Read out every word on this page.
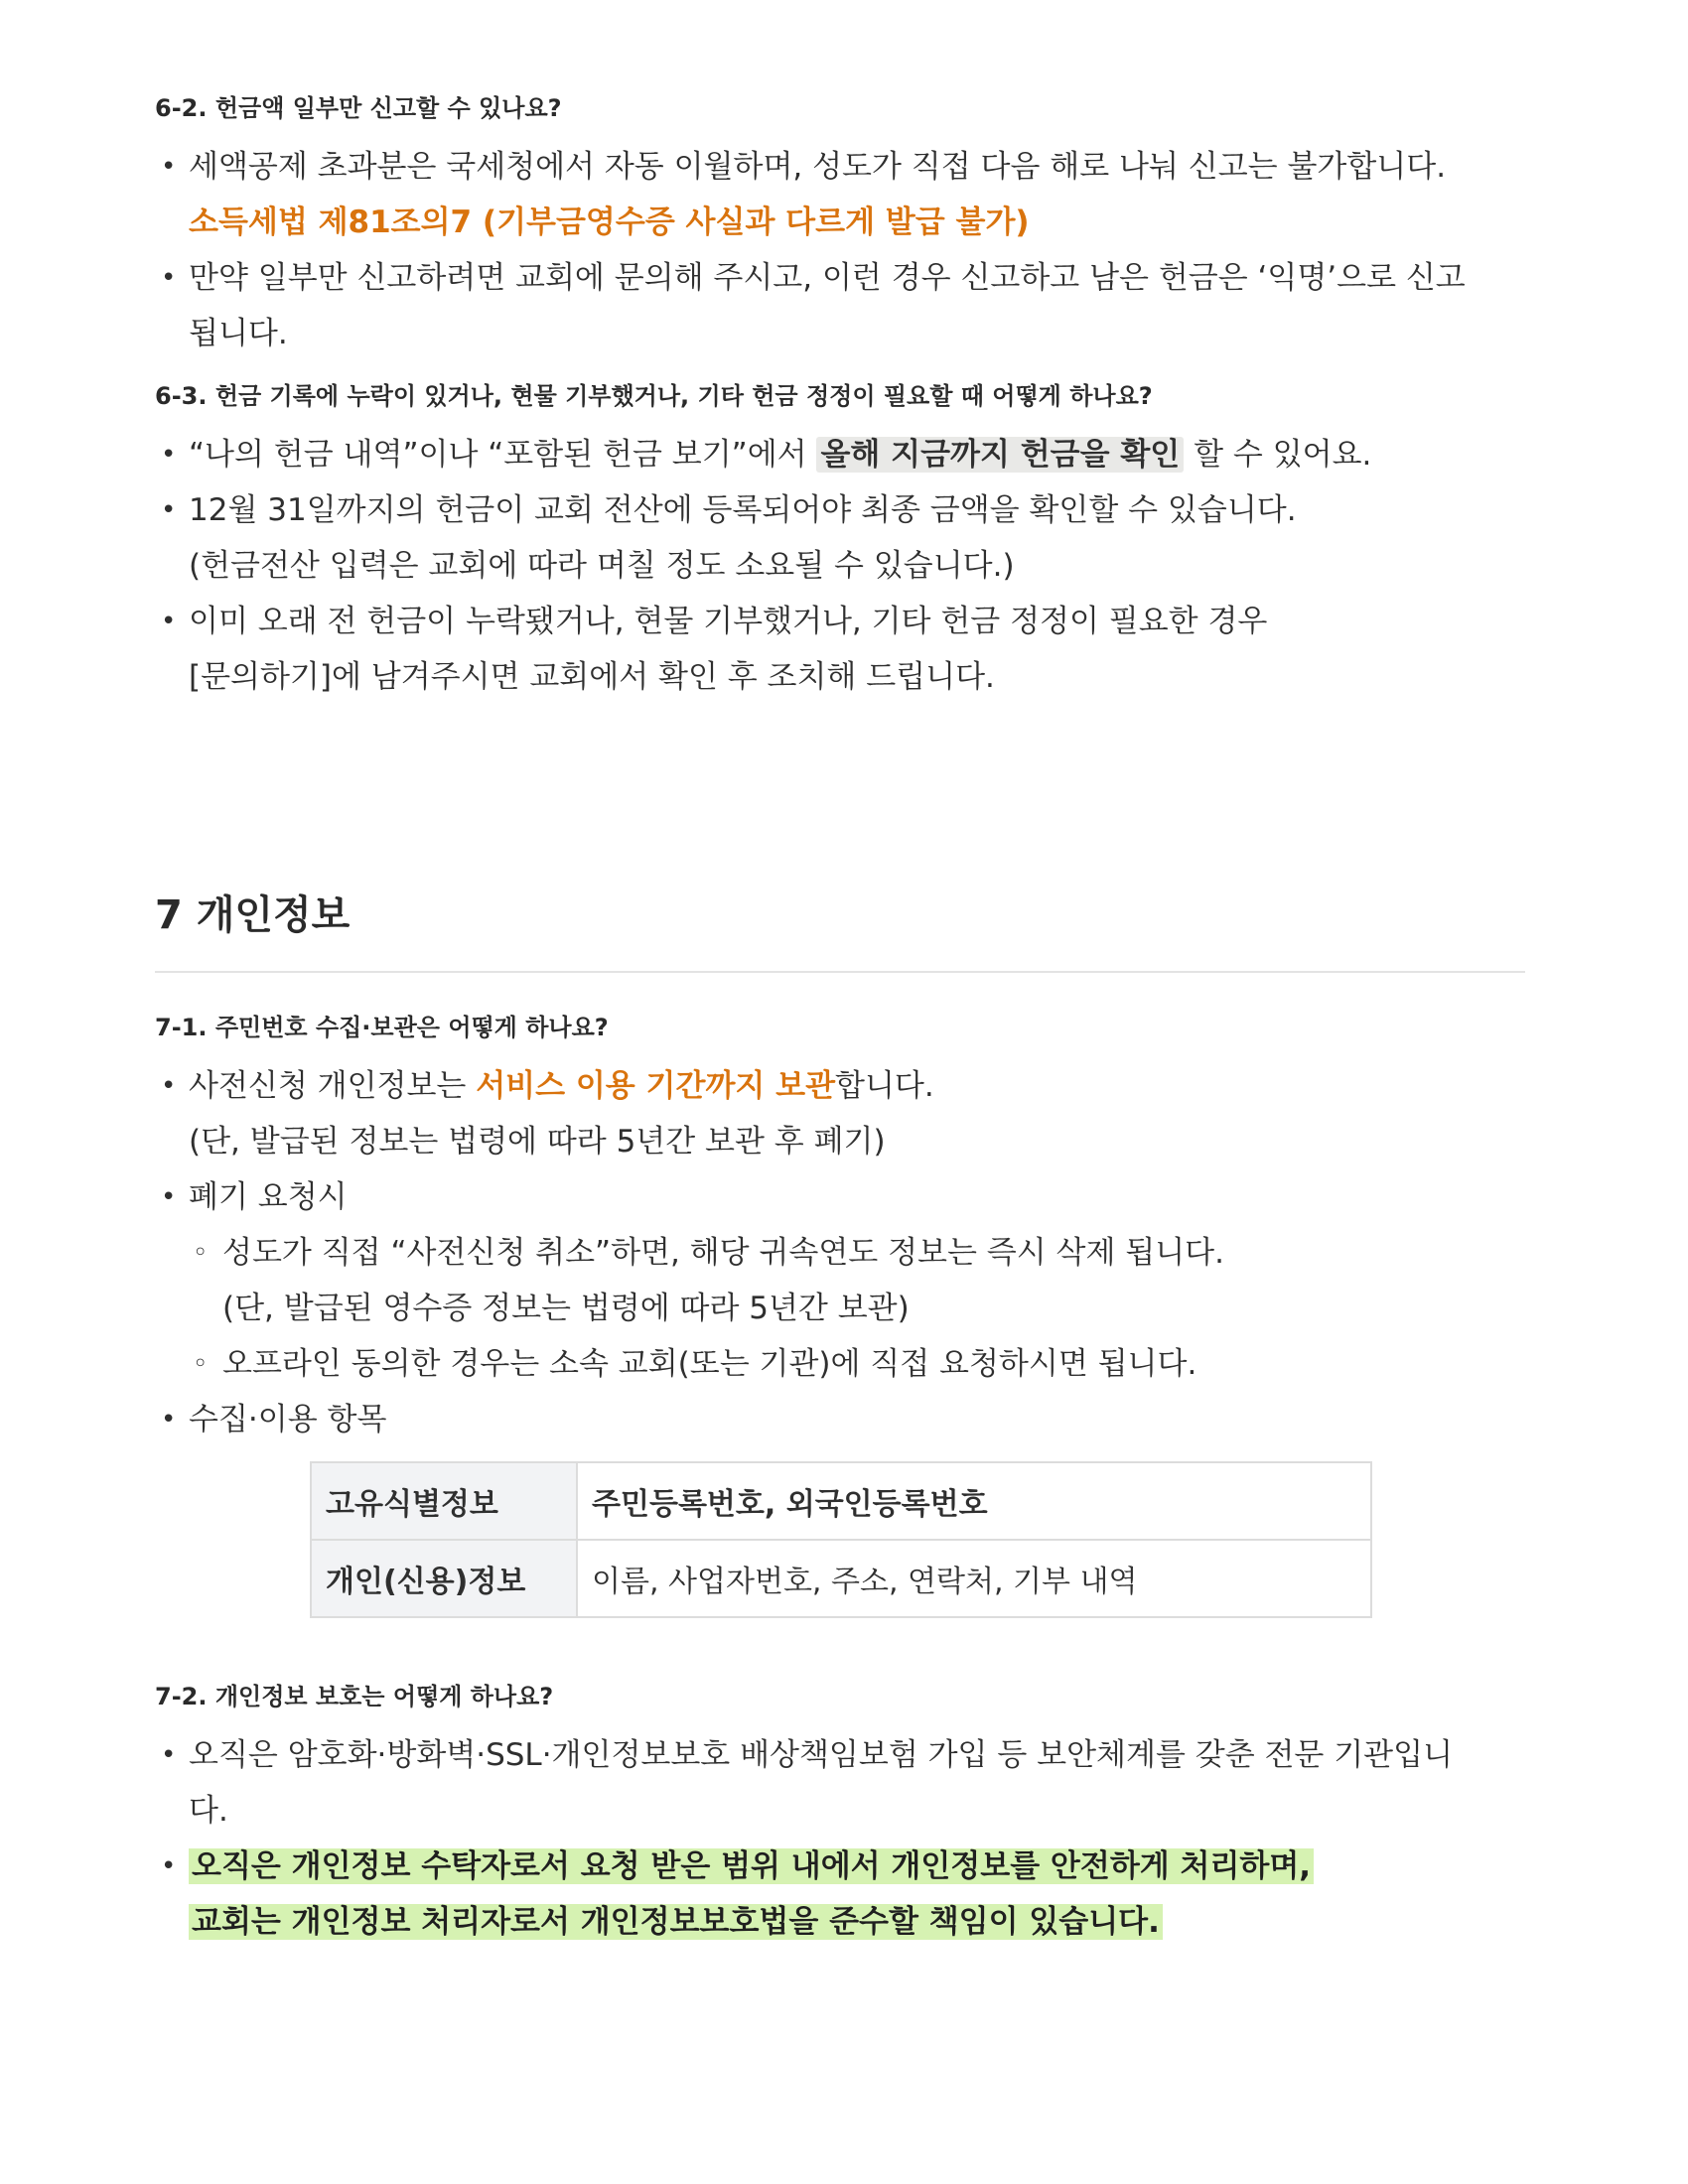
6-2. 헌금액 일부만 신고할 수 있나요?
• 세액공제 초과분은 국세청에서 자동 이월하며, 성도가 직접 다음 해로 나눠 신고는 불가합니다.
소득세법 제81조의7 (기부금영수증 사실과 다르게 발급 불가)
• 만약 일부만 신고하려면 교회에 문의해 주시고, 이런 경우 신고하고 남은 헌금은 ‘익명’으로 신고
됩니다.
6-3. 헌금 기록에 누락이 있거나, 현물 기부했거나, 기타 헌금 정정이 필요할 때 어떻게 하나요?
• “나의 헌금 내역”이나 “포함된 헌금 보기”에서 올해 지금까지 헌금을 확인 할 수 있어요.
• 12월 31일까지의 헌금이 교회 전산에 등록되어야 최종 금액을 확인할 수 있습니다.
(헌금전산 입력은 교회에 따라 며칠 정도 소요될 수 있습니다.)
• 이미 오래 전 헌금이 누락됐거나, 현물 기부했거나, 기타 헌금 정정이 필요한 경우
[문의하기]에 남겨주시면 교회에서 확인 후 조치해 드립니다.
7 개인정보
7-1. 주민번호 수집·보관은 어떻게 하나요?
• 사전신청 개인정보는 서비스 이용 기간까지 보관합니다.
(단, 발급된 정보는 법령에 따라 5년간 보관 후 폐기)
• 폐기 요청시
◦ 성도가 직접 “사전신청 취소”하면, 해당 귀속연도 정보는 즉시 삭제 됩니다.
(단, 발급된 영수증 정보는 법령에 따라 5년간 보관)
◦ 오프라인 동의한 경우는 소속 교회(또는 기관)에 직접 요청하시면 됩니다.
• 수집·이용 항목
고유식별정보	주민등록번호, 외국인등록번호
개인(신용)정보	이름, 사업자번호, 주소, 연락처, 기부 내역
7-2. 개인정보 보호는 어떻게 하나요?
• 오직은 암호화·방화벽·SSL·개인정보보호 배상책임보험 가입 등 보안체계를 갖춘 전문 기관입니
다.
• 오직은 개인정보 수탁자로서 요청 받은 범위 내에서 개인정보를 안전하게 처리하며,
교회는 개인정보 처리자로서 개인정보보호법을 준수할 책임이 있습니다.
